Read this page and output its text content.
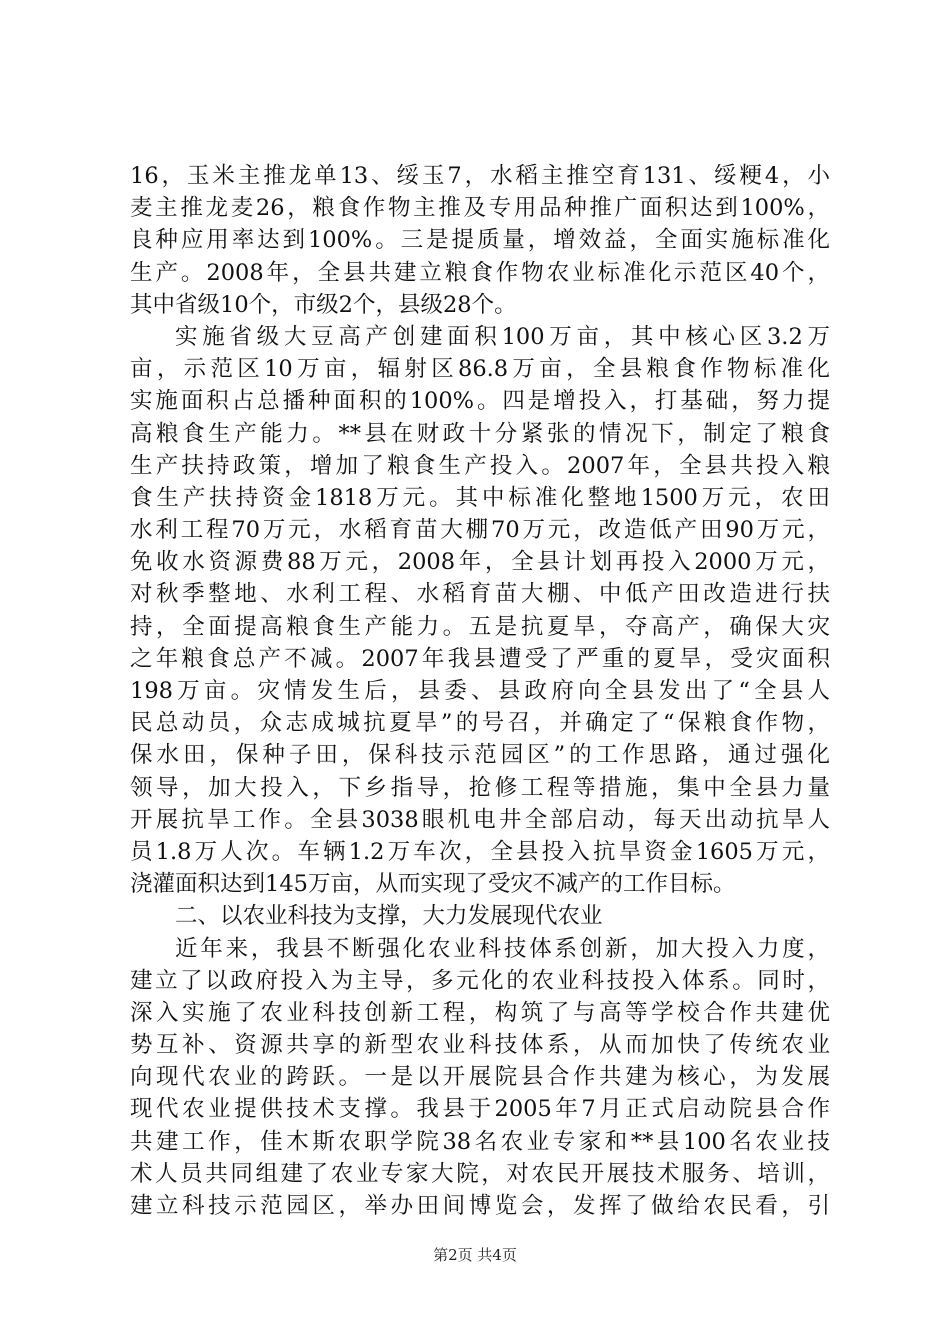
16，玉米主推龙单13、绥玉7，水稻主推空育131、绥粳4，小
麦主推龙麦26，粮食作物主推及专用品种推广面积达到100%，
良种应用率达到100%。三是提质量，增效益，全面实施标准化
生产。2008年，全县共建立粮食作物农业标准化示范区40个，
其中省级10个，市级2个，县级28个。
实施省级大豆高产创建面积100万亩，其中核心区3.2万
亩，示范区10万亩，辐射区86.8万亩，全县粮食作物标准化
实施面积占总播种面积的100%。四是增投入，打基础，努力提
高粮食生产能力。**县在财政十分紧张的情况下，制定了粮食
生产扶持政策，增加了粮食生产投入。2007年，全县共投入粮
食生产扶持资金1818万元。其中标准化整地1500万元，农田
水利工程70万元，水稻育苗大棚70万元，改造低产田90万元，
免收水资源费88万元，2008年，全县计划再投入2000万元，
对秋季整地、水利工程、水稻育苗大棚、中低产田改造进行扶
持，全面提高粮食生产能力。五是抗夏旱，夺高产，确保大灾
之年粮食总产不减。2007年我县遭受了严重的夏旱，受灾面积
198万亩。灾情发生后，县委、县政府向全县发出了“全县人
民总动员，众志成城抗夏旱”的号召，并确定了“保粮食作物，
保水田，保种子田，保科技示范园区”的工作思路，通过强化
领导，加大投入，下乡指导，抢修工程等措施，集中全县力量
开展抗旱工作。全县3038眼机电井全部启动，每天出动抗旱人
员1.8万人次。车辆1.2万车次，全县投入抗旱资金1605万元，
浇灌面积达到145万亩，从而实现了受灾不减产的工作目标。
二、以农业科技为支撑，大力发展现代农业
近年来，我县不断强化农业科技体系创新，加大投入力度，
建立了以政府投入为主导，多元化的农业科技投入体系。同时，
深入实施了农业科技创新工程，构筑了与高等学校合作共建优
势互补、资源共享的新型农业科技体系，从而加快了传统农业
向现代农业的跨跃。一是以开展院县合作共建为核心，为发展
现代农业提供技术支撑。我县于2005年7月正式启动院县合作
共建工作，佳木斯农职学院38名农业专家和**县100名农业技
术人员共同组建了农业专家大院，对农民开展技术服务、培训，
建立科技示范园区，举办田间博览会，发挥了做给农民看，引
第2页 共4页
